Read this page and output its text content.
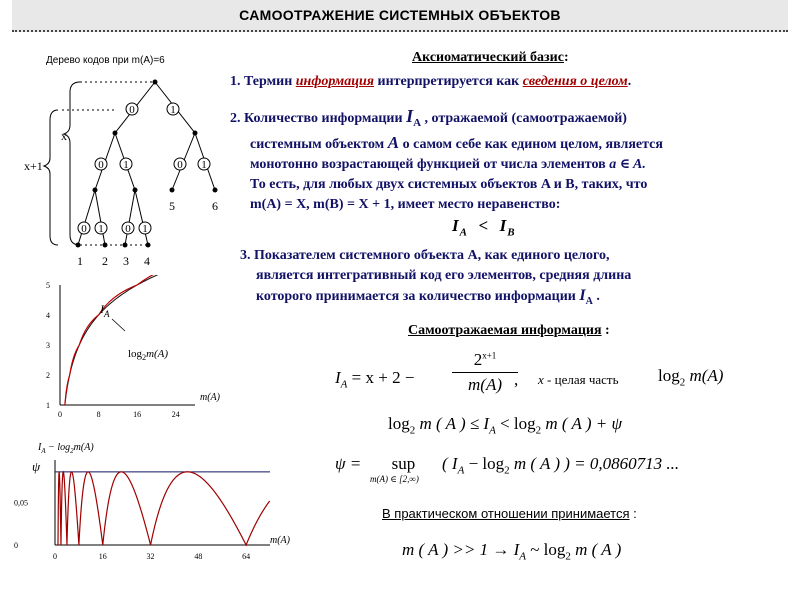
САМООТРАЖЕНИЕ СИСТЕМНЫХ ОБЪЕКТОВ
Дерево кодов при m(A)=6
0	1
0 1	0 1
0 1 0 1
x
x+1
1 2 3 4
5	6
0	8	16	24
1
2
3
4
5
$I_A$
$\log_2m(A)$
m(A)
$I_A - \log_2m(A)$
ψ
0	16	32	48	64
0
0,05
m(A)
Аксиоматический базис:
1. Термин информация интерпретируется как сведения о целом.
2. Количество информации $I_A$ , отражаемой (самоотражаемой)
системным объектом A о самом себе как едином целом, является
монотонно возрастающей функцией от числа элементов a ∈ A.
То есть, для любых двух системных объектов A и B, таких, что
m(A) = X, m(B) = X + 1, имеет место неравенство:
$I_A < I_B$
3. Показателем системного объекта A, как единого целого,
является интегративный код его элементов, средняя длина
которого принимается за количество информации $I_A$ .
Самоотражаемая информация :
$I_A = x + 2$ −
$2^{x+1}$
m(A) , x - целая часть $\log_2 m(A)$
$\log_2 m$ ( A ) ≤ $I_A < \log_2 m$ ( A ) + ψ
ψ = sup
m(A) ∈ [2,∞)
( $I_A - \log_2 m$ ( A ) ) = 0,0860713 ...
В практическом отношении принимается :
m ( A ) >> $1 \to I_A$ ~ $\log_2 m$ ( A )
